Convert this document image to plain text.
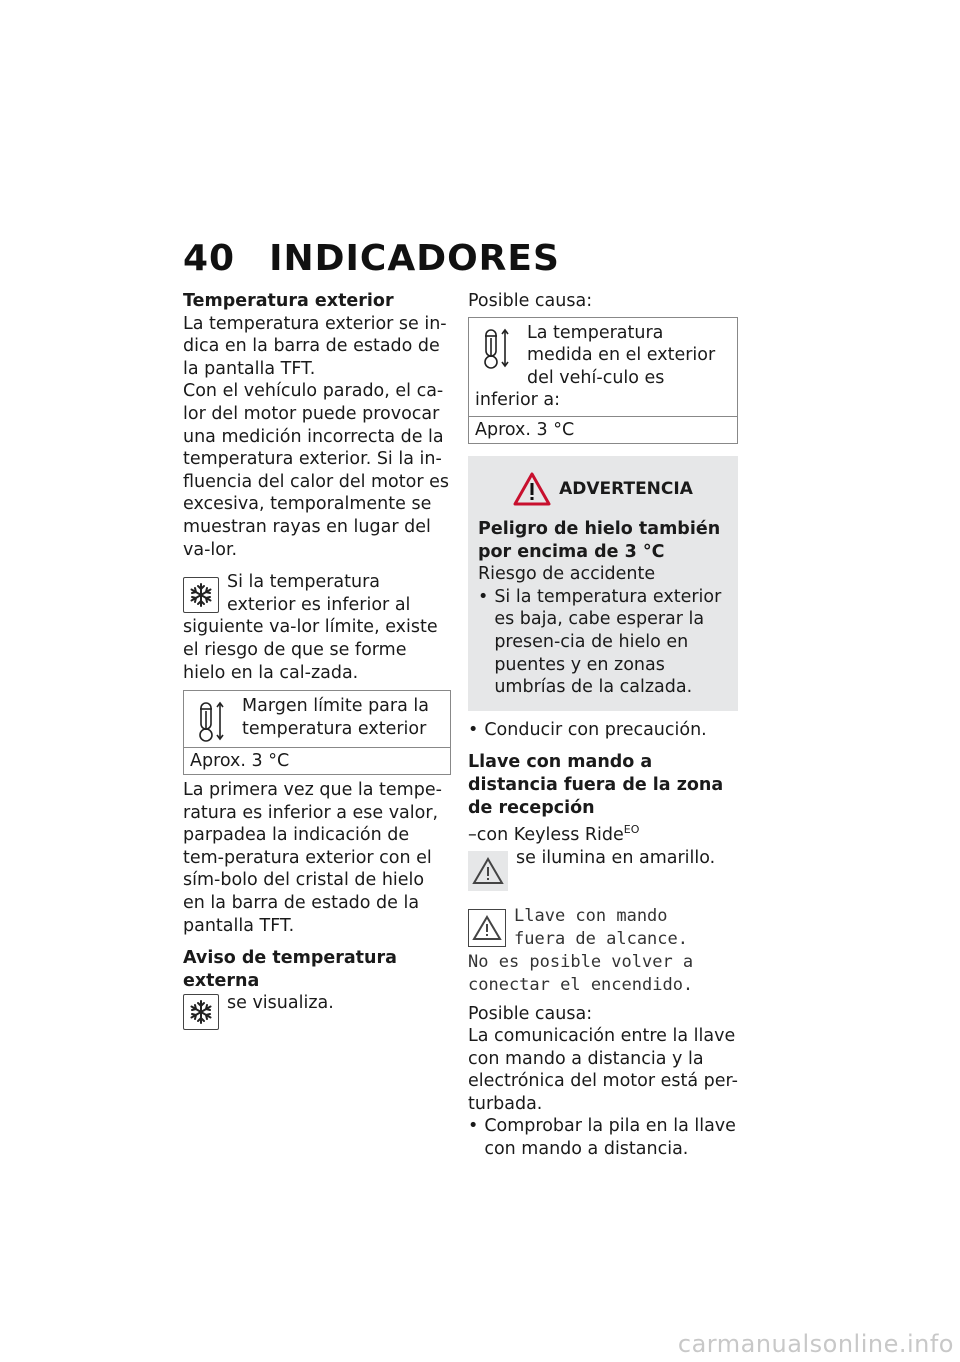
40 INDICADORES

Temperatura exterior

La temperatura exterior se in-dica en la barra de estado de la pantalla TFT.

Con el vehículo parado, el ca-lor del motor puede provocar una medición incorrecta de la temperatura exterior. Si la in-fluencia del calor del motor es excesiva, temporalmente se muestran rayas en lugar del va-lor.

Si la temperatura exterior es inferior al siguiente va-lor límite, existe el riesgo de que se forme hielo en la cal-zada.

Margen límite para la temperatura exterior

Aprox. 3 °C

La primera vez que la tempe-ratura es inferior a ese valor, parpadea la indicación de tem-peratura exterior con el sím-bolo del cristal de hielo en la barra de estado de la pantalla TFT.

Aviso de temperatura externa

se visualiza.

Posible causa:

La temperatura medida en el exterior del vehí-culo es inferior a:

Aprox. 3 °C
ADVERTENCIA

Peligro de hielo también por encima de 3 °C

Riesgo de accidente

• Si la temperatura exterior es baja, cabe esperar la presen-cia de hielo en puentes y en zonas umbrías de la calzada.

• Conducir con precaución.

Llave con mando a distancia fuera de la zona de recepción

–con Keyless Ride$^{EO}$

se ilumina en amarillo.

Llave con mando
fuera de alcance.
No es posible volver a
conectar el encendido.

Posible causa:

La comunicación entre la llave con mando a distancia y la electrónica del motor está per-turbada.

• Comprobar la pila en la llave con mando a distancia.

carmanualsonline.info
